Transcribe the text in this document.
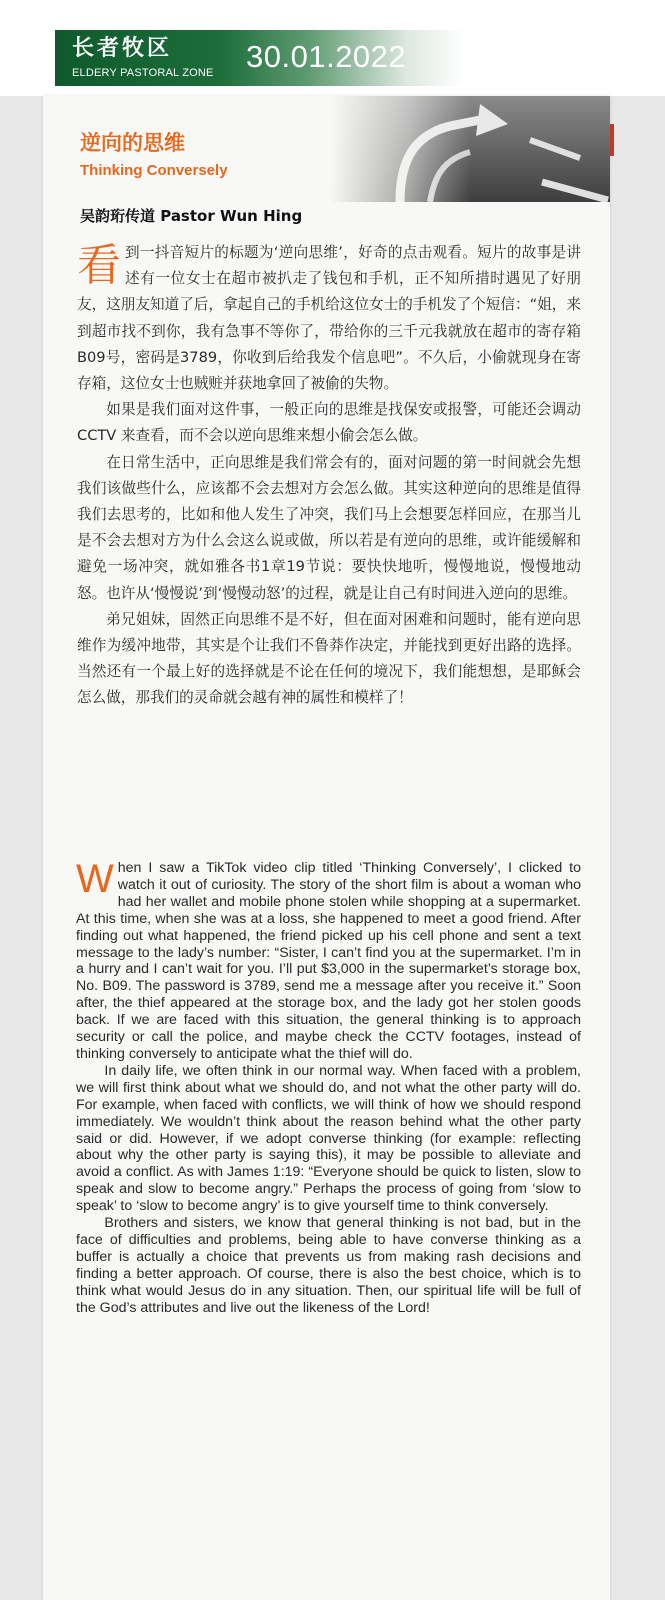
长者牧区
ELDERY PASTORAL ZONE 30.01.2022
逆向的思维
Thinking Conversely
吴韵珩传道 Pastor Wun Hing

看到一抖音短片的标题为‘逆向思维’，好奇的点击观看。短片的故事是讲述有一位女士在超市被扒走了钱包和手机，正不知所措时遇见了好朋友，这朋友知道了后，拿起自己的手机给这位女士的手机发了个短信：“姐，来到超市找不到你，我有急事不等你了，带给你的三千元我就放在超市的寄存箱B09号，密码是3789，你收到后给我发个信息吧”。不久后，小偷就现身在寄存箱，这位女士也贼赃并获地拿回了被偷的失物。

如果是我们面对这件事，一般正向的思维是找保安或报警，可能还会调动CCTV 来查看，而不会以逆向思维来想小偷会怎么做。

在日常生活中，正向思维是我们常会有的，面对问题的第一时间就会先想我们该做些什么，应该都不会去想对方会怎么做。其实这种逆向的思维是值得我们去思考的，比如和他人发生了冲突，我们马上会想要怎样回应，在那当儿是不会去想对方为什么会这么说或做，所以若是有逆向的思维，或许能缓解和避免一场冲突，就如雅各书1章19节说：要快快地听，慢慢地说，慢慢地动怒。也许从‘慢慢说’到‘慢慢动怒’的过程，就是让自己有时间进入逆向的思维。

弟兄姐妹，固然正向思维不是不好，但在面对困难和问题时，能有逆向思维作为缓冲地带，其实是个让我们不鲁莽作决定，并能找到更好出路的选择。当然还有一个最上好的选择就是不论在任何的境况下，我们能想想，是耶稣会怎么做，那我们的灵命就会越有神的属性和模样了！

When I saw a TikTok video clip titled ‘Thinking Conversely’, I clicked to watch it out of curiosity. The story of the short film is about a woman who had her wallet and mobile phone stolen while shopping at a supermarket. At this time, when she was at a loss, she happened to meet a good friend. After finding out what happened, the friend picked up his cell phone and sent a text message to the lady’s number: “Sister, I can’t find you at the supermarket. I’m in a hurry and I can’t wait for you. I’ll put $3,000 in the supermarket’s storage box, No. B09. The password is 3789, send me a message after you receive it.” Soon after, the thief appeared at the storage box, and the lady got her stolen goods back. If we are faced with this situation, the general thinking is to approach security or call the police, and maybe check the CCTV footages, instead of thinking conversely to anticipate what the thief will do.

In daily life, we often think in our normal way. When faced with a problem, we will first think about what we should do, and not what the other party will do. For example, when faced with conflicts, we will think of how we should respond immediately. We wouldn’t think about the reason behind what the other party said or did. However, if we adopt converse thinking (for example: reflecting about why the other party is saying this), it may be possible to alleviate and avoid a conflict. As with James 1:19: “Everyone should be quick to listen, slow to speak and slow to become angry.” Perhaps the process of going from ‘slow to speak’ to ‘slow to become angry’ is to give yourself time to think conversely.

Brothers and sisters, we know that general thinking is not bad, but in the face of difficulties and problems, being able to have converse thinking as a buffer is actually a choice that prevents us from making rash decisions and finding a better approach. Of course, there is also the best choice, which is to think what would Jesus do in any situation. Then, our spiritual life will be full of the God’s attributes and live out the likeness of the Lord!
